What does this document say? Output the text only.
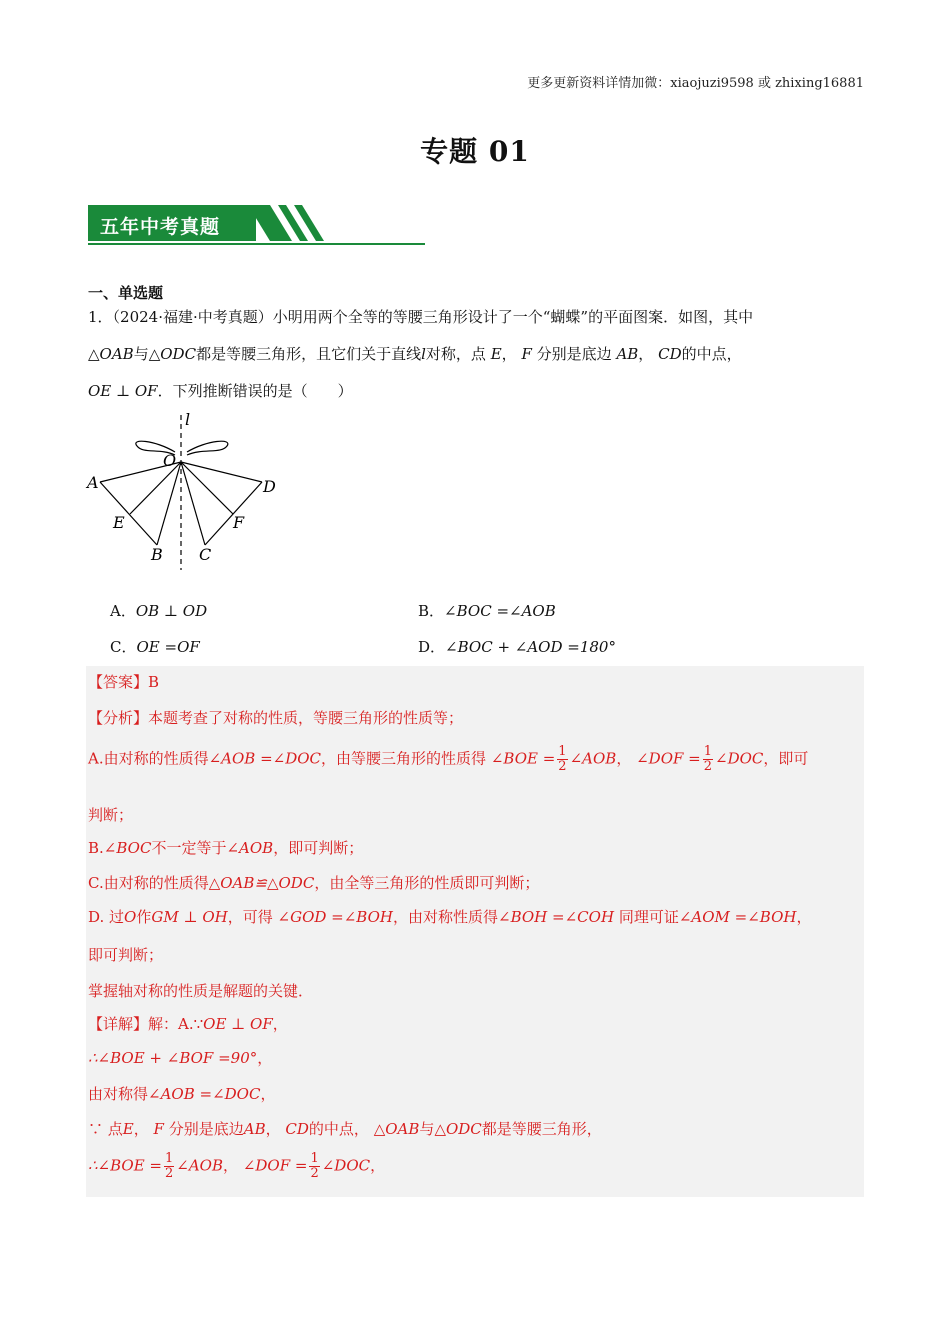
更多更新资料详情加微：xiaojuzi9598 或 zhixing16881
专题 01
五年中考真题
一、单选题
1．（2024·福建·中考真题）小明用两个全等的等腰三角形设计了一个“蝴蝶”的平面图案．如图，其中
△OAB与△ODC都是等腰三角形，且它们关于直线l对称，点 E， F 分别是底边 AB， CD的中点，
OE ⊥ OF．下列推断错误的是（　　）
l
O
A	D
E	F
B C
A．OB ⊥ OD	B．∠BOC =∠AOB
C．OE =OF	D．∠BOC + ∠AOD =180°
【答案】B
【分析】本题考查了对称的性质，等腰三角形的性质等；
A.由对称的性质得∠AOB =∠DOC，由等腰三角形的性质得 ∠BOE = $\frac{1}{2}$ ∠AOB， ∠DOF = $\frac{1}{2}$ ∠DOC，即可
判断；
B.∠BOC不一定等于∠AOB，即可判断；
C.由对称的性质得△OAB≌△ODC，由全等三角形的性质即可判断；
D. 过O作GM ⊥ OH，可得 ∠GOD =∠BOH，由对称性质得∠BOH =∠COH 同理可证∠AOM =∠BOH，
即可判断；
掌握轴对称的性质是解题的关键．
【详解】解：A.∵OE ⊥ OF，
∴∠BOE + ∠BOF =90°，
由对称得∠AOB =∠DOC，
∵ 点E， F 分别是底边AB， CD的中点， △OAB与△ODC都是等腰三角形，
∴∠BOE = $\frac{1}{2}$ ∠AOB， ∠DOF = $\frac{1}{2}$ ∠DOC，
